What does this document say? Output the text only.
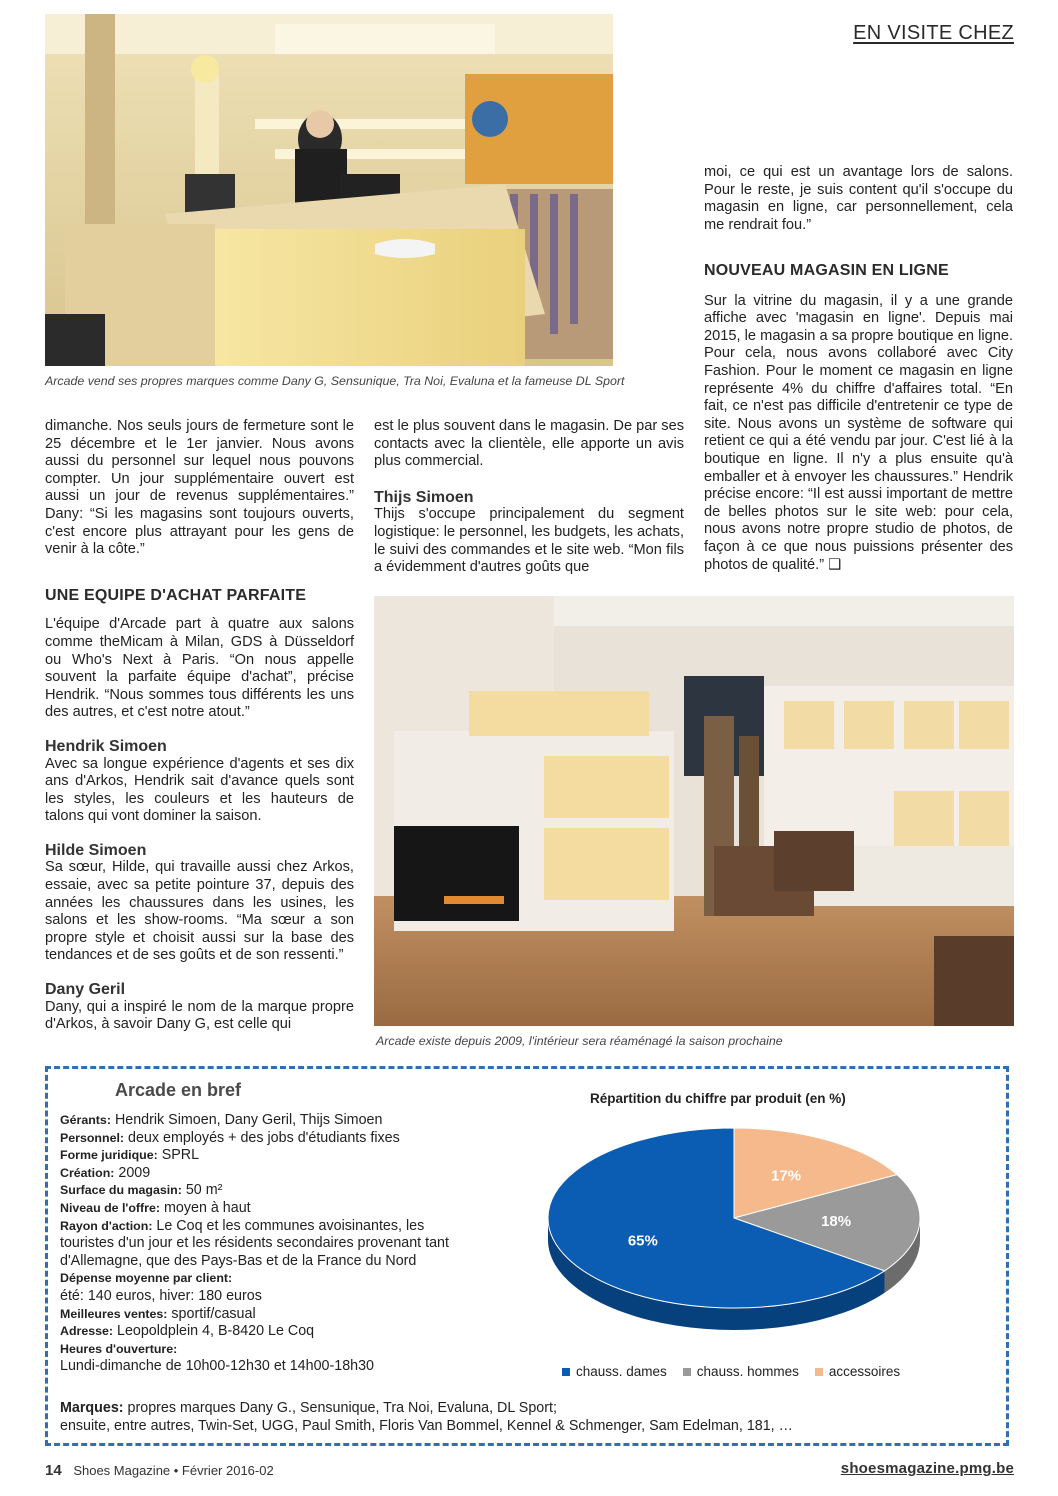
EN VISITE CHEZ
Arcade vend ses propres marques comme Dany G, Sensunique, Tra Noi, Evaluna et la fameuse DL Sport

moi, ce qui est un avantage lors de salons. Pour le reste, je suis content qu'il s'occupe du magasin en ligne, car personnellement, cela me rendrait fou.”

NOUVEAU MAGASIN EN LIGNE

Sur la vitrine du magasin, il y a une grande affiche avec 'magasin en ligne'. Depuis mai 2015, le magasin a sa propre boutique en ligne. Pour cela, nous avons collaboré avec City Fashion. Pour le moment ce magasin en ligne représente 4% du chiffre d'affaires total. “En fait, ce n'est pas difficile d'entretenir ce type de site. Nous avons un système de software qui retient ce qui a été vendu par jour. C'est lié à la boutique en ligne. Il n'y a plus ensuite qu'à emballer et à envoyer les chaussures.” Hendrik précise encore: “Il est aussi important de mettre de belles photos sur le site web: pour cela, nous avons notre propre studio de photos, de façon à ce que nous puissions présenter des photos de qualité.” ❑

dimanche. Nos seuls jours de fermeture sont le 25 décembre et le 1er janvier. Nous avons aussi du personnel sur lequel nous pouvons compter. Un jour supplémentaire ouvert est aussi un jour de revenus supplémentaires.” Dany: “Si les magasins sont toujours ouverts, c'est encore plus attrayant pour les gens de venir à la côte.”

UNE EQUIPE D'ACHAT PARFAITE

L'équipe d'Arcade part à quatre aux salons comme theMicam à Milan, GDS à Düsseldorf ou Who's Next à Paris. “On nous appelle souvent la parfaite équipe d'achat”, précise Hendrik. “Nous sommes tous différents les uns des autres, et c'est notre atout.”

Hendrik Simoen

Avec sa longue expérience d'agents et ses dix ans d'Arkos, Hendrik sait d'avance quels sont les styles, les couleurs et les hauteurs de talons qui vont dominer la saison.

Hilde Simoen

Sa sœur, Hilde, qui travaille aussi chez Arkos, essaie, avec sa petite pointure 37, depuis des années les chaussures dans les usines, les salons et les show-rooms. “Ma sœur a son propre style et choisit aussi sur la base des tendances et de ses goûts et de son ressenti.”

Dany Geril

Dany, qui a inspiré le nom de la marque propre d'Arkos, à savoir Dany G, est celle qui

est le plus souvent dans le magasin. De par ses contacts avec la clientèle, elle apporte un avis plus commercial.

Thijs Simoen

Thijs s'occupe principalement du segment logistique: le personnel, les budgets, les achats, le suivi des commandes et le site web. “Mon fils a évidemment d'autres goûts que

Arcade existe depuis 2009, l'intérieur sera réaménagé la saison prochaine
Arcade en bref
Gérants: Hendrik Simoen, Dany Geril, Thijs Simoen
Personnel: deux employés + des jobs d'étudiants fixes
Forme juridique: SPRL
Création: 2009
Surface du magasin: 50 m²
Niveau de l'offre: moyen à haut
Rayon d'action: Le Coq et les communes avoisinantes, les touristes d'un jour et les résidents secondaires provenant tant d'Allemagne, que des Pays-Bas et de la France du Nord
Dépense moyenne par client:
été: 140 euros, hiver: 180 euros
Meilleures ventes: sportif/casual
Adresse: Leopoldplein 4, B-8420 Le Coq
Heures d'ouverture:
Lundi-dimanche de 10h00-12h30 et 14h00-18h30
Marques: propres marques Dany G., Sensunique, Tra Noi, Evaluna, DL Sport;
ensuite, entre autres, Twin-Set, UGG, Paul Smith, Floris Van Bommel, Kennel & Schmenger, Sam Edelman, 181, …
Répartition du chiffre par produit (en %)
17%
18%
65%
chauss. dames chauss. hommes accessoires
14 Shoes Magazine • Février 2016-02	shoesmagazine.pmg.be
